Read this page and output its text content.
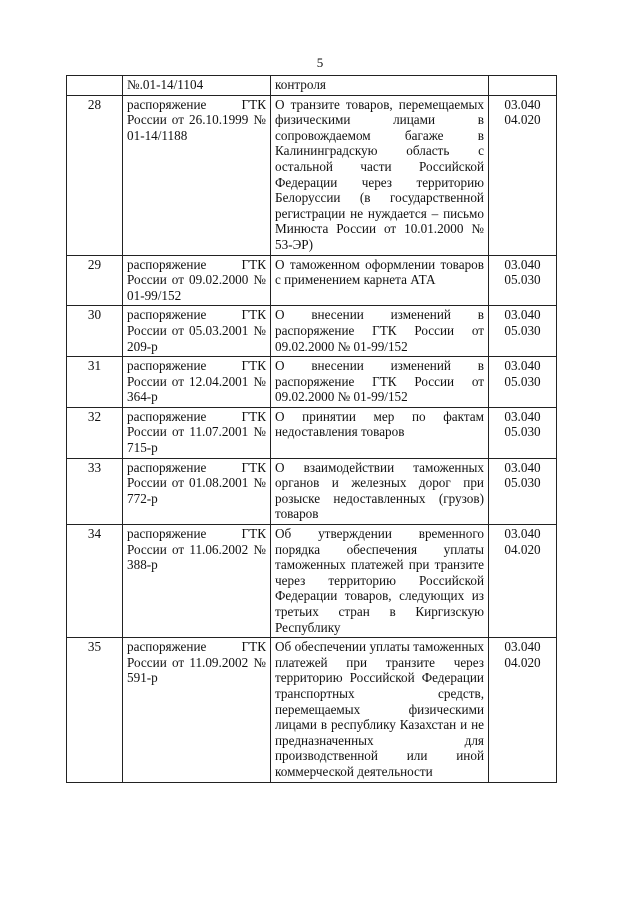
5
	№.01-14/1104	контроля	

28	распоряжение ГТК России от 26.10.1999 № 01-14/1188	О транзите товаров, перемещаемых физическими лицами в сопровождаемом багаже в Калининградскую область с остальной части Российской Федерации через территорию Белоруссии (в государственной регистрации не нуждается – письмо Минюста России от 10.01.2000 № 53-ЭР)	03.040
04.020

29	распоряжение ГТК России от 09.02.2000 № 01-99/152	О таможенном оформлении товаров с применением карнета АТА	03.040
05.030

30	распоряжение ГТК России от 05.03.2001 № 209-р	О внесении изменений в распоряжение ГТК России от 09.02.2000 № 01-99/152	03.040
05.030

31	распоряжение ГТК России от 12.04.2001 № 364-р	О внесении изменений в распоряжение ГТК России от 09.02.2000 № 01-99/152	03.040
05.030

32	распоряжение ГТК России от 11.07.2001 № 715-р	О принятии мер по фактам недоставления товаров	03.040
05.030

33	распоряжение ГТК России от 01.08.2001 № 772-р	О взаимодействии таможенных органов и железных дорог при розыске недоставленных (грузов) товаров	03.040
05.030

34	распоряжение ГТК России от 11.06.2002 № 388-р	Об утверждении временного порядка обеспечения уплаты таможенных платежей при транзите через территорию Российской Федерации товаров, следующих из третьих стран в Киргизскую Республику	03.040
04.020

35	распоряжение ГТК России от 11.09.2002 № 591-р	Об обеспечении уплаты таможенных платежей при транзите через территорию Российской Федерации транспортных средств, перемещаемых физическими лицами в республику Казахстан и не предназначенных для производственной или иной коммерческой деятельности	03.040
04.020
